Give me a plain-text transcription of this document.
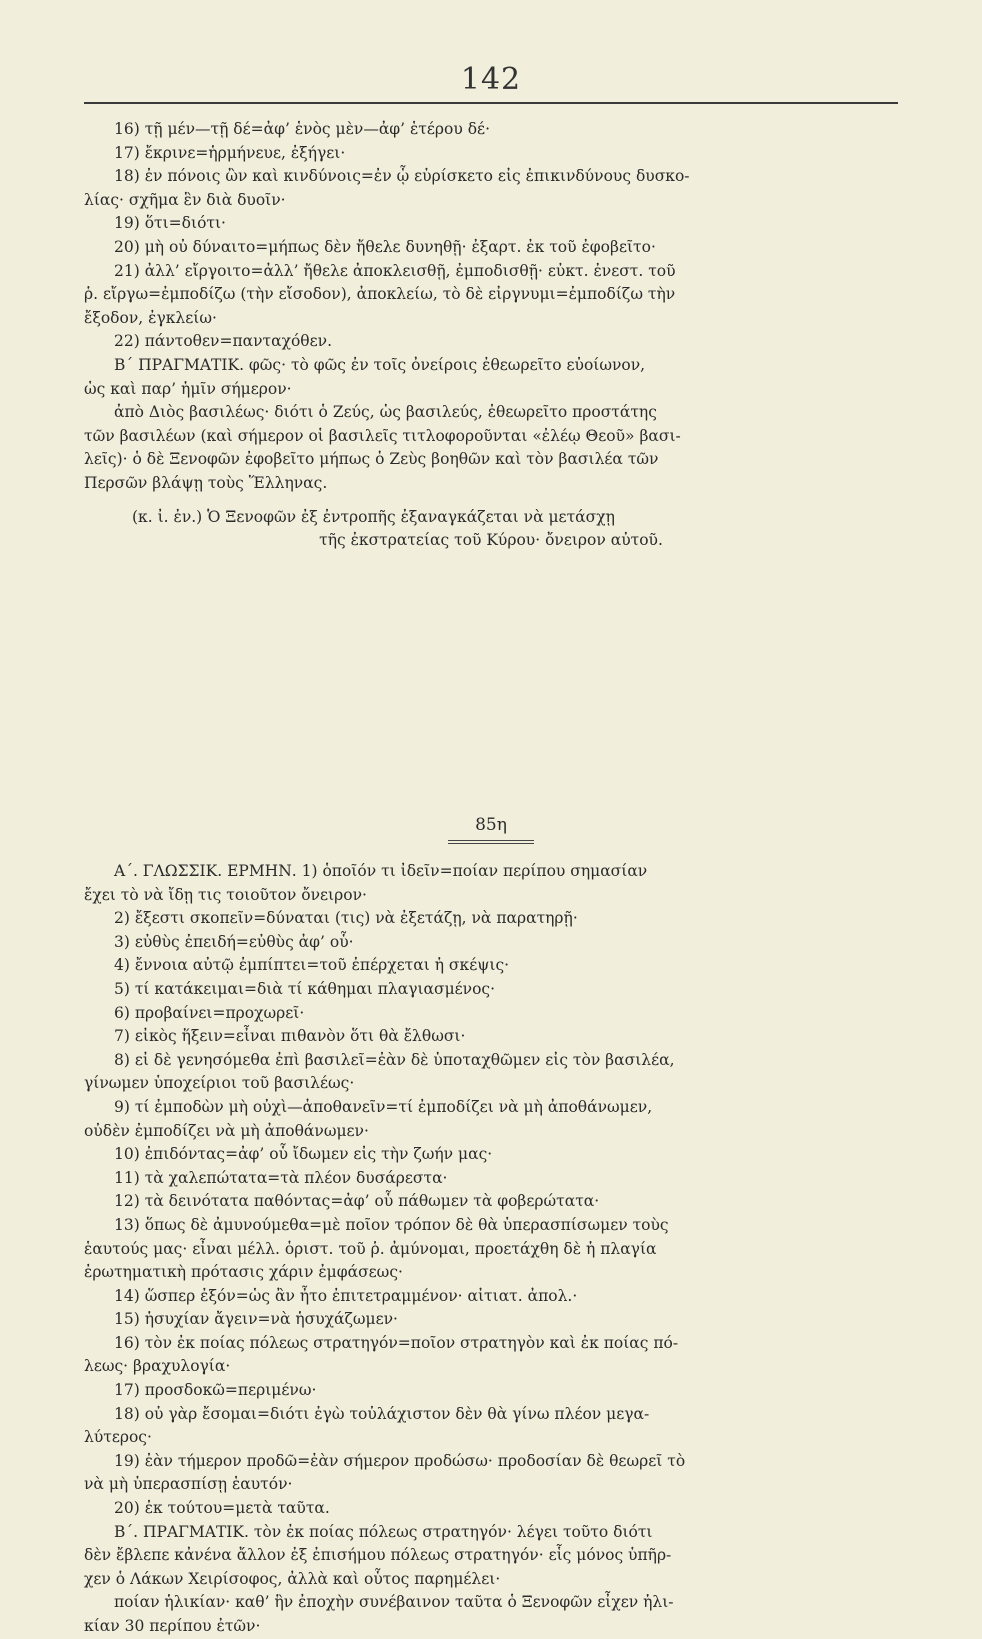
142
16) τῇ μέν—τῇ δέ=ἀφ’ ἑνὸς μὲν—ἀφ’ ἑτέρου δέ·
17) ἔκρινε=ἡρμήνευε, ἐξήγει·
18) ἐν πόνοις ὢν καὶ κινδύνοις=ἐν ᾧ εὑρίσκετο εἰς ἐπικινδύνους δυσκο-
λίας· σχῆμα ἓν διὰ δυοῖν·
19) ὅτι=διότι·
20) μὴ οὐ δύναιτο=μήπως δὲν ἤθελε δυνηθῇ· ἐξαρτ. ἐκ τοῦ ἐφοβεῖτο·
21) ἀλλ’ εἴργοιτο=ἀλλ’ ἤθελε ἀποκλεισθῇ, ἐμποδισθῇ· εὐκτ. ἐνεστ. τοῦ
ῥ. εἴργω=ἐμποδίζω (τὴν εἴσοδον), ἀποκλείω, τὸ δὲ εἰργνυμι=ἐμποδίζω τὴν
ἔξοδον, ἐγκλείω·
22) πάντοθεν=πανταχόθεν.
Β΄ ΠΡΑΓΜΑΤΙΚ. φῶς· τὸ φῶς ἐν τοῖς ὀνείροις ἐθεωρεῖτο εὐοίωνον,
ὡς καὶ παρ’ ἡμῖν σήμερον·
ἀπὸ Διὸς βασιλέως· διότι ὁ Ζεύς, ὡς βασιλεύς, ἐθεωρεῖτο προστάτης
τῶν βασιλέων (καὶ σήμερον οἱ βασιλεῖς τιτλοφοροῦνται «ἐλέῳ Θεοῦ» βασι-
λεῖς)· ὁ δὲ Ξενοφῶν ἐφοβεῖτο μήπως ὁ Ζεὺς βοηθῶν καὶ τὸν βασιλέα τῶν
Περσῶν βλάψῃ τοὺς Ἕλληνας.
(κ. ἰ. ἐν.) Ὁ Ξενοφῶν ἐξ ἐντροπῆς ἐξαναγκάζεται νὰ μετάσχῃ
τῆς ἐκστρατείας τοῦ Κύρου· ὄνειρον αὐτοῦ.
85η
Α΄. ΓΛΩΣΣΙΚ. ΕΡΜΗΝ. 1) ὁποῖόν τι ἰδεῖν=ποίαν περίπου σημασίαν
ἔχει τὸ νὰ ἴδῃ τις τοιοῦτον ὄνειρον·
2) ἔξεστι σκοπεῖν=δύναται (τις) νὰ ἐξετάζῃ, νὰ παρατηρῇ·
3) εὐθὺς ἐπειδή=εὐθὺς ἀφ’ οὗ·
4) ἔννοια αὐτῷ ἐμπίπτει=τοῦ ἐπέρχεται ἡ σκέψις·
5) τί κατάκειμαι=διὰ τί κάθημαι πλαγιασμένος·
6) προβαίνει=προχωρεῖ·
7) εἰκὸς ἥξειν=εἶναι πιθανὸν ὅτι θὰ ἔλθωσι·
8) εἰ δὲ γενησόμεθα ἐπὶ βασιλεῖ=ἐὰν δὲ ὑποταχθῶμεν εἰς τὸν βασιλέα,
γίνωμεν ὑποχείριοι τοῦ βασιλέως·
9) τί ἐμποδὼν μὴ οὐχὶ—ἀποθανεῖν=τί ἐμποδίζει νὰ μὴ ἀποθάνωμεν,
οὐδὲν ἐμποδίζει νὰ μὴ ἀποθάνωμεν·
10) ἐπιδόντας=ἀφ’ οὗ ἴδωμεν εἰς τὴν ζωήν μας·
11) τὰ χαλεπώτατα=τὰ πλέον δυσάρεστα·
12) τὰ δεινότατα παθόντας=ἀφ’ οὗ πάθωμεν τὰ φοβερώτατα·
13) ὅπως δὲ ἀμυνούμεθα=μὲ ποῖον τρόπον δὲ θὰ ὑπερασπίσωμεν τοὺς
ἑαυτούς μας· εἶναι μέλλ. ὁριστ. τοῦ ῥ. ἀμύνομαι, προετάχθη δὲ ἡ πλαγία
ἐρωτηματικὴ πρότασις χάριν ἐμφάσεως·
14) ὥσπερ ἐξόν=ὡς ἂν ἦτο ἐπιτετραμμένον· αἰτιατ. ἀπολ.·
15) ἡσυχίαν ἄγειν=νὰ ἡσυχάζωμεν·
16) τὸν ἐκ ποίας πόλεως στρατηγόν=ποῖον στρατηγὸν καὶ ἐκ ποίας πό-
λεως· βραχυλογία·
17) προσδοκῶ=περιμένω·
18) οὐ γὰρ ἔσομαι=διότι ἐγὼ τοὐλάχιστον δὲν θὰ γίνω πλέον μεγα-
λύτερος·
19) ἐὰν τήμερον προδῶ=ἐὰν σήμερον προδώσω· προδοσίαν δὲ θεωρεῖ τὸ
νὰ μὴ ὑπερασπίσῃ ἑαυτόν·
20) ἐκ τούτου=μετὰ ταῦτα.
Β΄. ΠΡΑΓΜΑΤΙΚ. τὸν ἐκ ποίας πόλεως στρατηγόν· λέγει τοῦτο διότι
δὲν ἔβλεπε κἀνένα ἄλλον ἐξ ἐπισήμου πόλεως στρατηγόν· εἷς μόνος ὑπῆρ-
χεν ὁ Λάκων Χειρίσοφος, ἀλλὰ καὶ οὗτος παρημέλει·
ποίαν ἡλικίαν· καθ’ ἣν ἐποχὴν συνέβαινον ταῦτα ὁ Ξενοφῶν εἶχεν ἡλι-
κίαν 30 περίπου ἐτῶν·
